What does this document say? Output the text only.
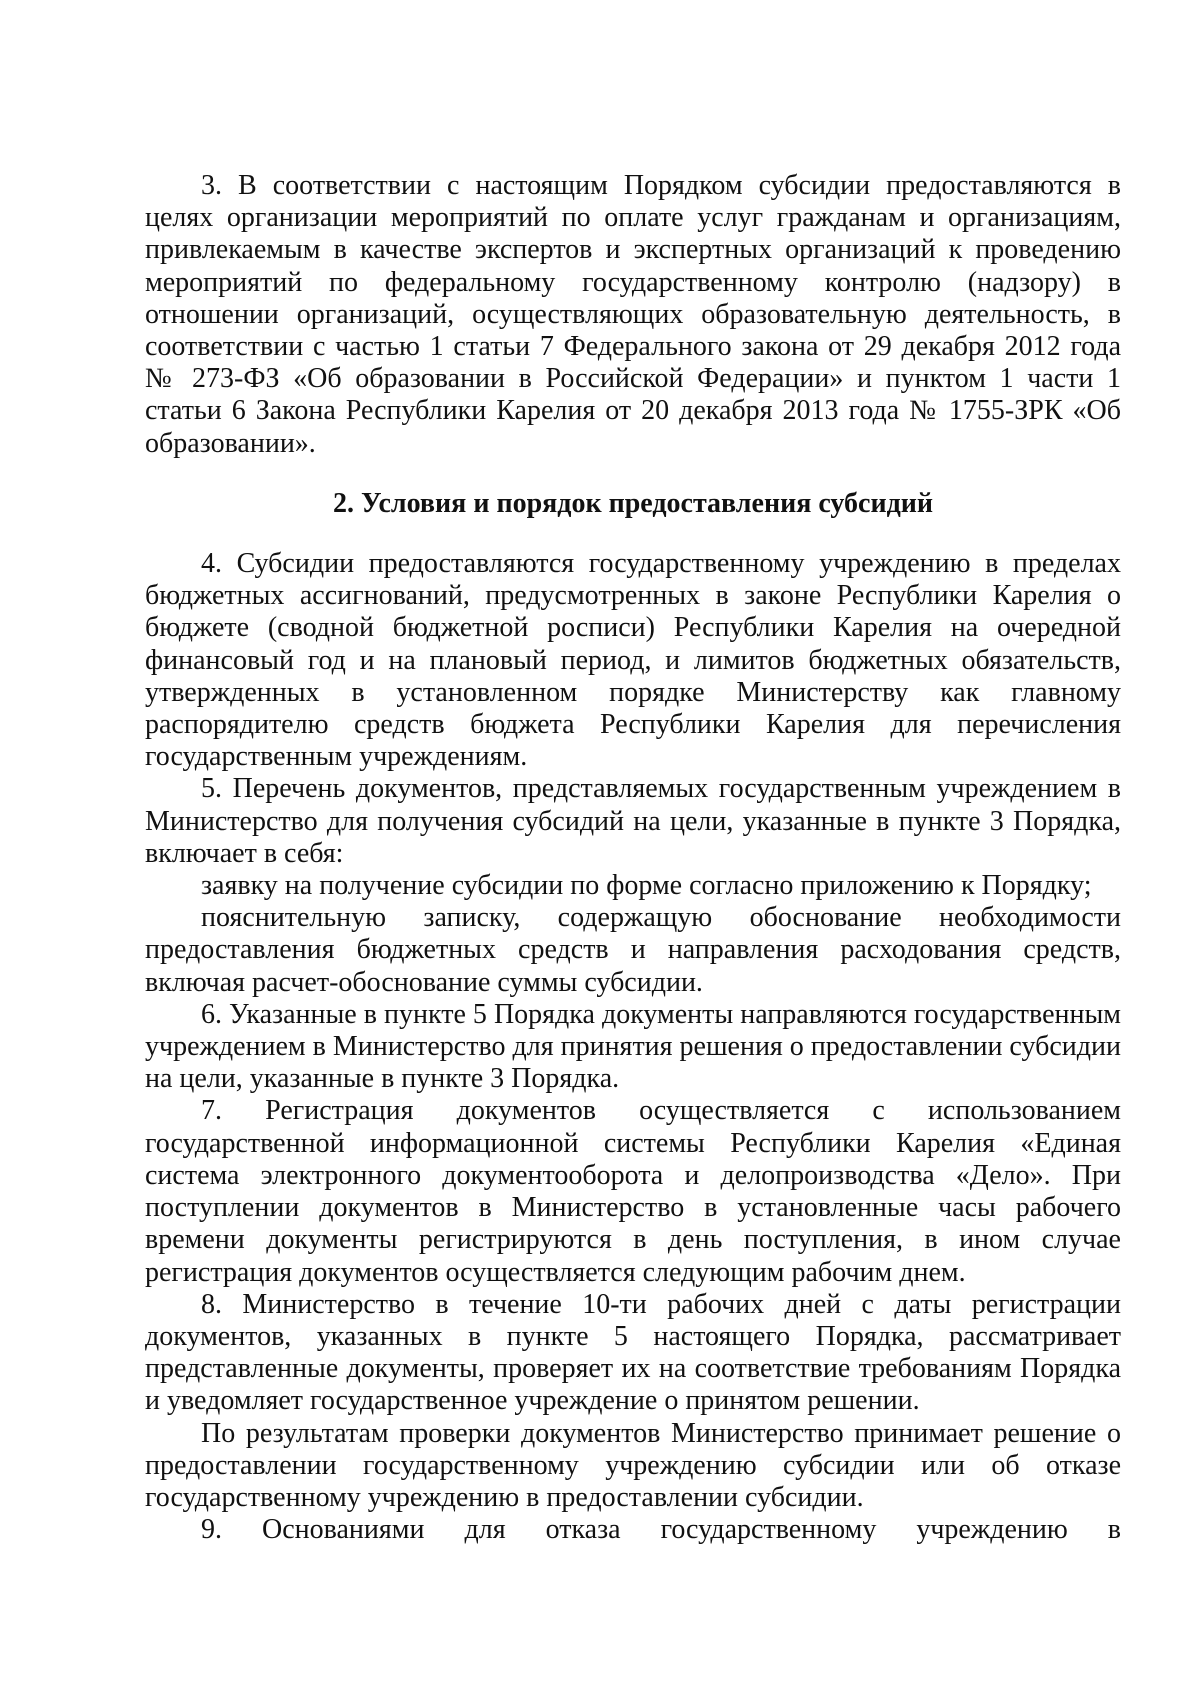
3. В соответствии с настоящим Порядком субсидии предоставляются в целях организации мероприятий по оплате услуг гражданам и организациям, привлекаемым в качестве экспертов и экспертных организаций к проведению мероприятий по федеральному государственному контролю (надзору) в отношении организаций, осуществляющих образовательную деятельность, в соответствии с частью 1 статьи 7 Федерального закона от 29 декабря 2012 года № 273-ФЗ «Об образовании в Российской Федерации» и пунктом 1 части 1 статьи 6 Закона Республики Карелия от 20 декабря 2013 года № 1755-ЗРК «Об образовании».

2. Условия и порядок предоставления субсидий

4. Субсидии предоставляются государственному учреждению в пределах бюджетных ассигнований, предусмотренных в законе Республики Карелия о бюджете (сводной бюджетной росписи) Республики Карелия на очередной финансовый год и на плановый период, и лимитов бюджетных обязательств, утвержденных в установленном порядке Министерству как главному распорядителю средств бюджета Республики Карелия для перечисления государственным учреждениям.

5. Перечень документов, представляемых государственным учреждением в Министерство для получения субсидий на цели, указанные в пункте 3 Порядка, включает в себя:

заявку на получение субсидии по форме согласно приложению к Порядку;

пояснительную записку, содержащую обоснование необходимости предоставления бюджетных средств и направления расходования средств, включая расчет-обоснование суммы субсидии.

6. Указанные в пункте 5 Порядка документы направляются государственным учреждением в Министерство для принятия решения о предоставлении субсидии на цели, указанные в пункте 3 Порядка.

7. Регистрация документов осуществляется с использованием государственной информационной системы Республики Карелия «Единая система электронного документооборота и делопроизводства «Дело». При поступлении документов в Министерство в установленные часы рабочего времени документы регистрируются в день поступления, в ином случае регистрация документов осуществляется следующим рабочим днем.

8. Министерство в течение 10-ти рабочих дней с даты регистрации документов, указанных в пункте 5 настоящего Порядка, рассматривает представленные документы, проверяет их на соответствие требованиям Порядка и уведомляет государственное учреждение о принятом решении.

По результатам проверки документов Министерство принимает решение о предоставлении государственному учреждению субсидии или об отказе государственному учреждению в предоставлении субсидии.

9. Основаниями для отказа государственному учреждению в
